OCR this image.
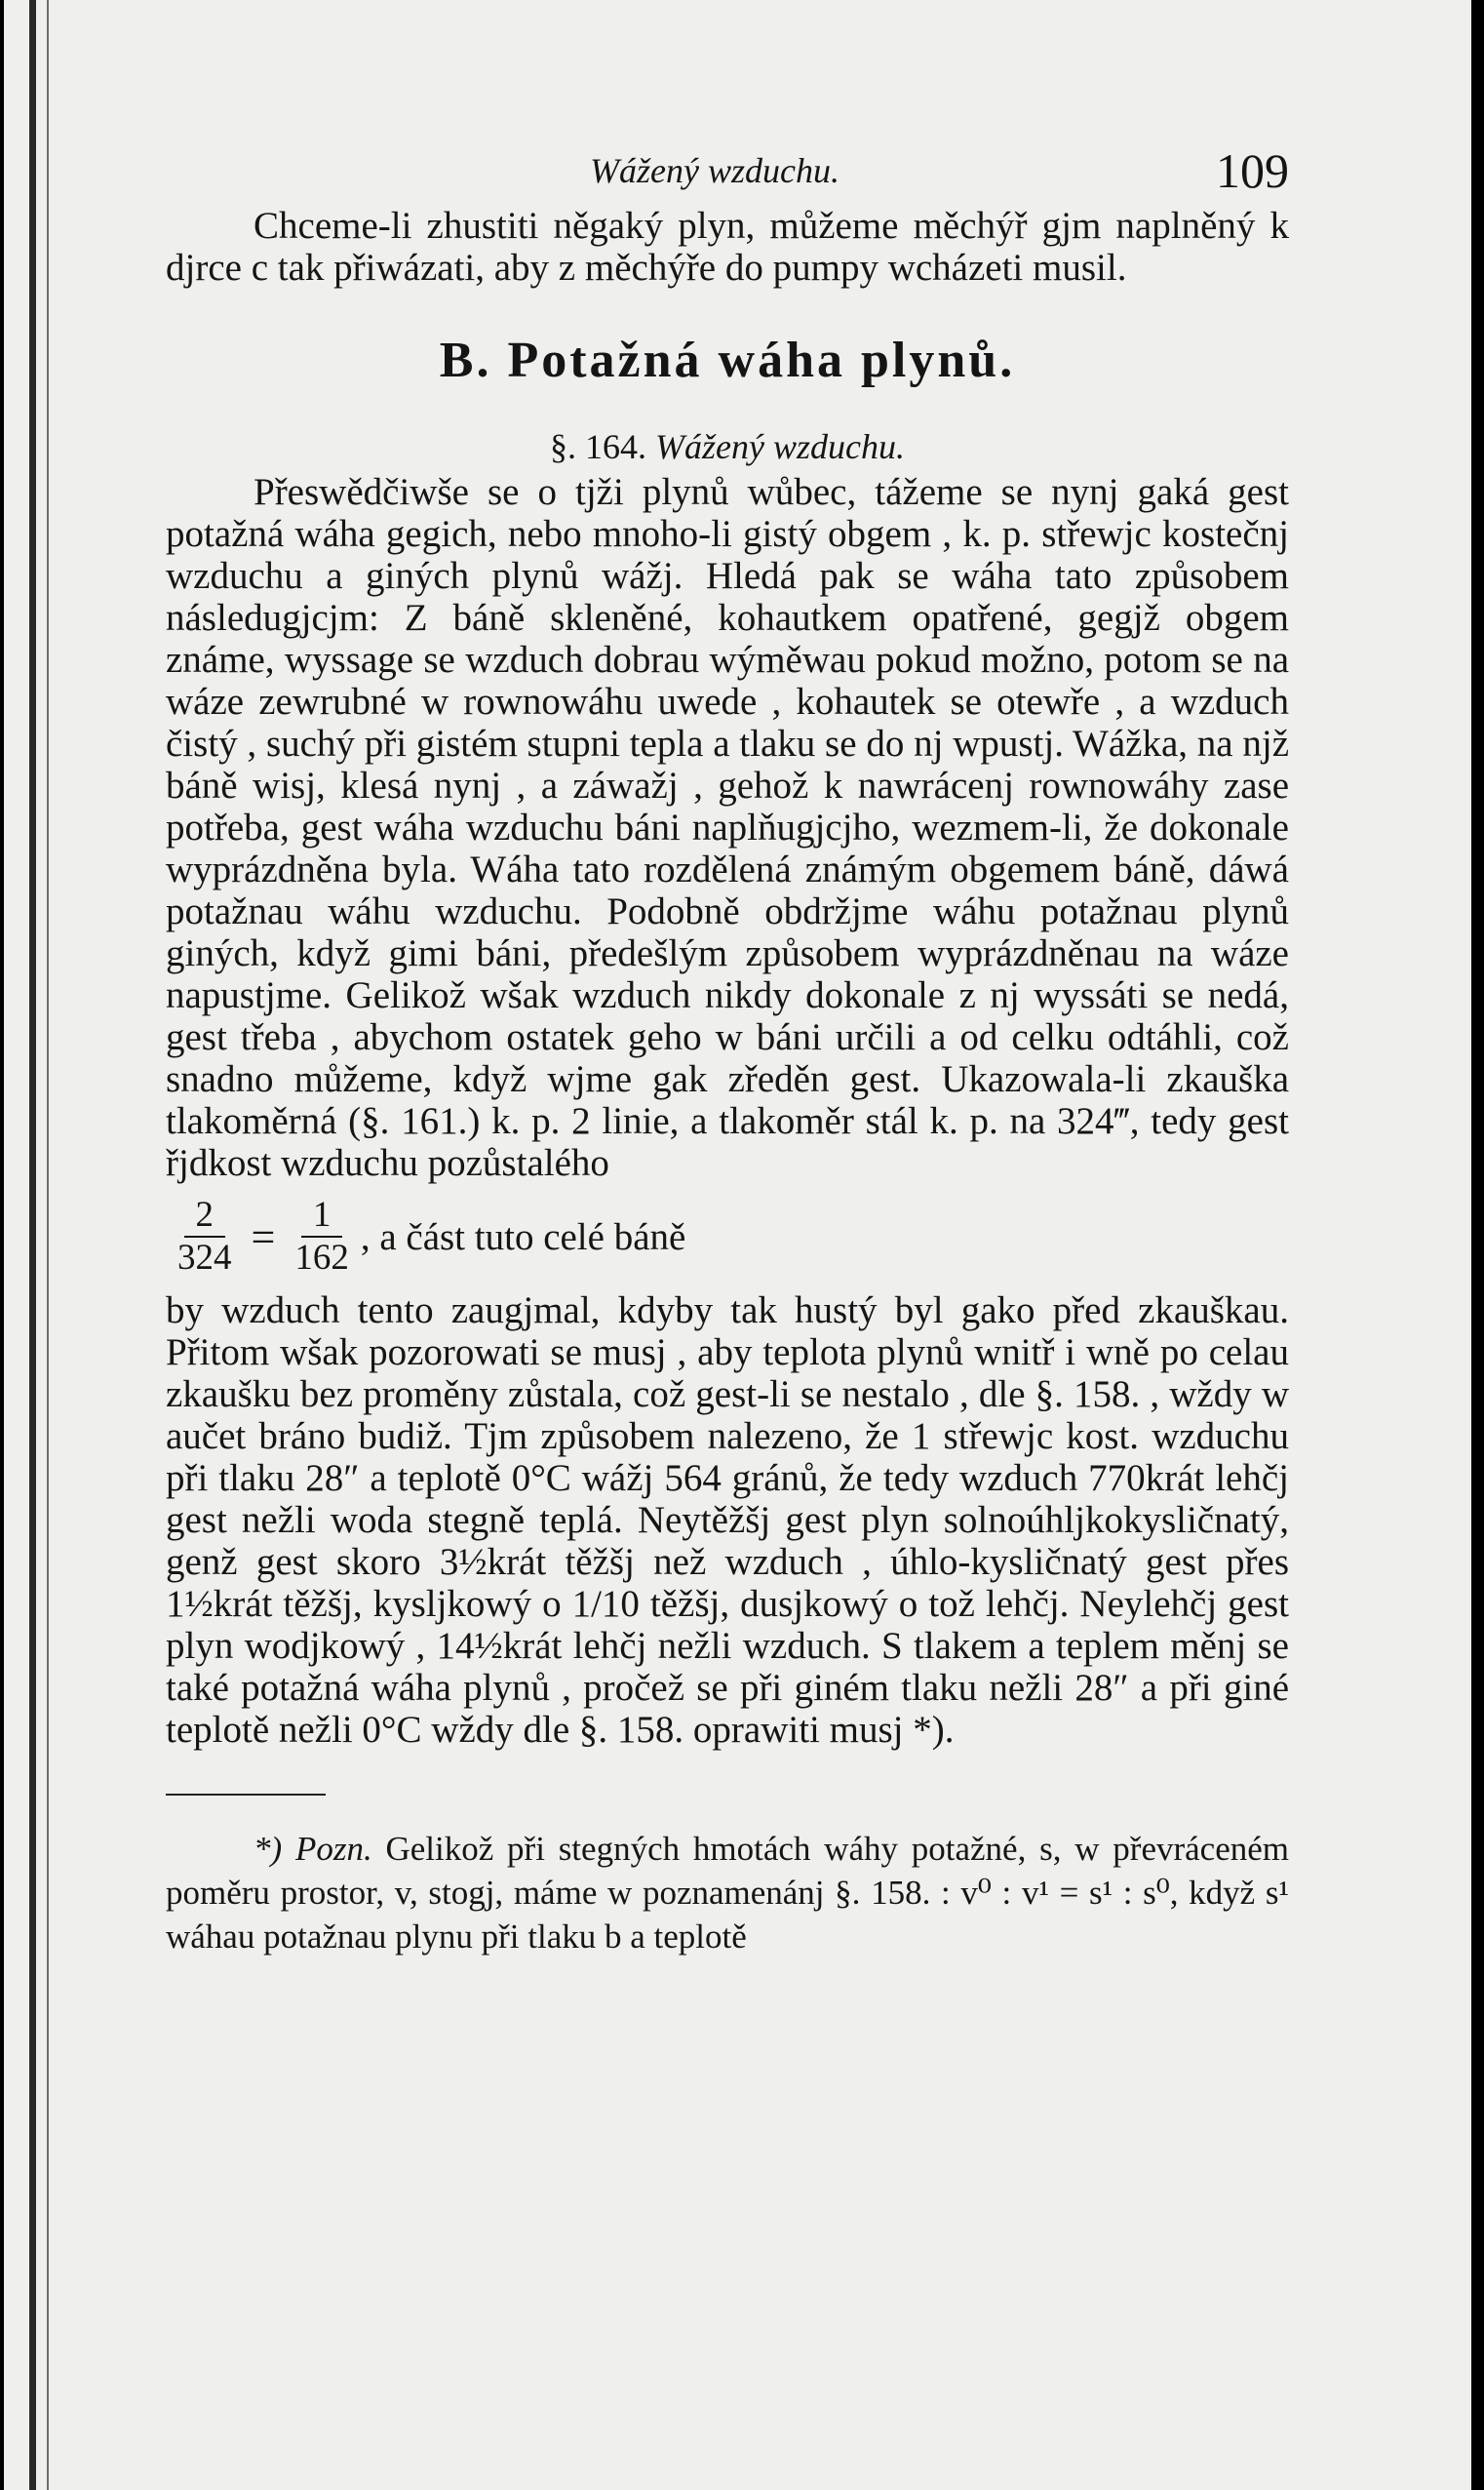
Wážený wzduchu.	109

Chceme-li zhustiti něgaký plyn, můžeme měchýř gjm naplněný k djrce c tak přiwázati, aby z měchýře do pumpy wcházeti musil.

B. Potažná wáha plynů.
§. 164. Wážený wzduchu.

Přeswědčiwše se o tjži plynů wůbec, tážeme se nynj gaká gest potažná wáha gegich, nebo mnoho-li gistý obgem , k. p. střewjc kostečnj wzduchu a giných plynů wážj. Hledá pak se wáha tato způsobem následugjcjm: Z báně skleněné, kohautkem opatřené, gegjž obgem známe, wyssage se wzduch dobrau wýměwau pokud možno, potom se na wáze zewrubné w rownowáhu uwede , kohautek se otewře , a wzduch čistý , suchý při gistém stupni tepla a tlaku se do nj wpustj. Wážka, na njž báně wisj, klesá nynj , a záwažj , gehož k nawrácenj rownowáhy zase potřeba, gest wáha wzduchu báni naplňugjcjho, wezmem-li, že dokonale wyprázdněna byla. Wáha tato rozdělená známým obgemem báně, dáwá potažnau wáhu wzduchu. Podobně obdržjme wáhu potažnau plynů giných, když gimi báni, předešlým způsobem wyprázdněnau na wáze napustjme. Gelikož wšak wzduch nikdy dokonale z nj wyssáti se nedá, gest třeba , abychom ostatek geho w báni určili a od celku odtáhli, což snadno můžeme, když wjme gak zředěn gest. Ukazowala-li zkauška tlakoměrná (§. 161.) k. p. 2 linie, a tlakoměr stál k. p. na 324‴, tedy gest řjdkost wzduchu pozůstalého

$\frac{2}{324} = \frac{1}{162}$ , a část tuto celé báně

by wzduch tento zaugjmal, kdyby tak hustý byl gako před zkauškau. Přitom wšak pozorowati se musj , aby teplota plynů wnitř i wně po celau zkaušku bez proměny zůstala, což gest-li se nestalo , dle §. 158. , wždy w aučet bráno budiž. Tjm způsobem nalezeno, že 1 střewjc kost. wzduchu při tlaku 28″ a teplotě 0°C wážj 564 gránů, že tedy wzduch 770krát lehčj gest nežli woda stegně teplá. Neytěžšj gest plyn solnoúhljkokysličnatý, genž gest skoro 3½krát těžšj než wzduch , úhlo-kysličnatý gest přes 1½krát těžšj, kysljkowý o 1/10 těžšj, dusjkowý o tož lehčj. Neylehčj gest plyn wodjkowý , 14½krát lehčj nežli wzduch. S tlakem a teplem měnj se také potažná wáha plynů , pročež se při giném tlaku nežli 28″ a při giné teplotě nežli 0°C wždy dle §. 158. oprawiti musj *).

*) Pozn. Gelikož při stegných hmotách wáhy potažné, s, w převráceném poměru prostor, v, stogj, máme w poznamenánj §. 158. : v⁰ : v¹ = s¹ : s⁰, když s¹ wáhau potažnau plynu při tlaku b a teplotě
